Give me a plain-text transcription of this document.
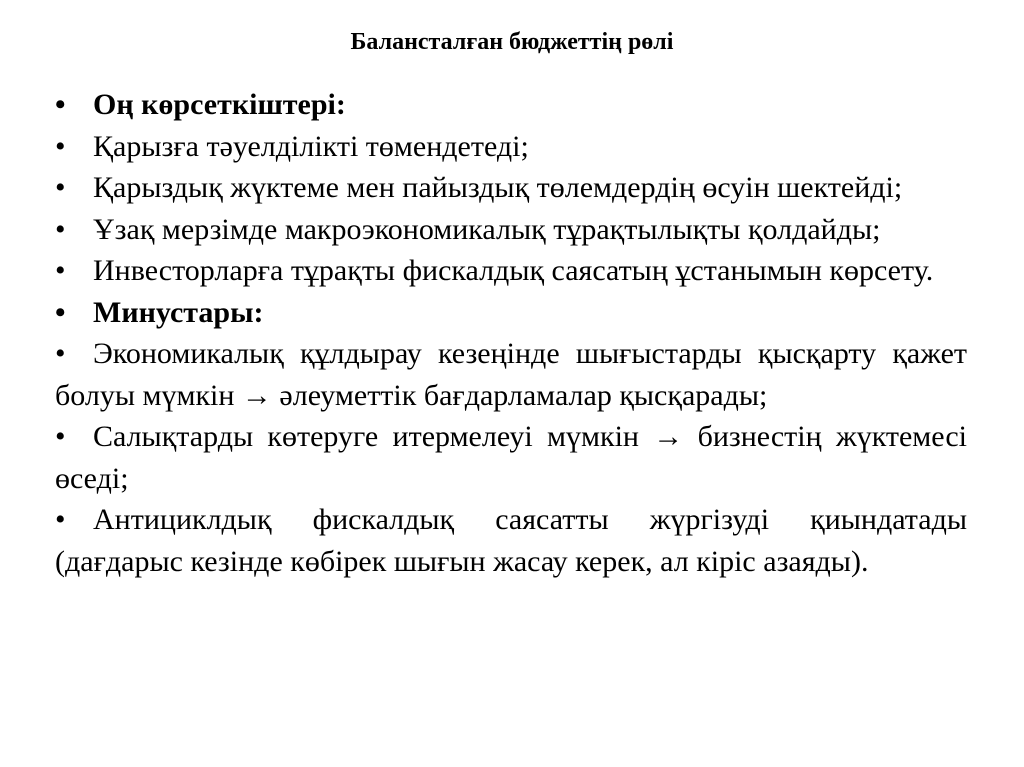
Балансталған бюджеттің рөлі
• Оң көрсеткіштері:
• Қарызға тәуелділікті төмендетеді;
• Қарыздық жүктеме мен пайыздық төлемдердің өсуін шектейді;
• Ұзақ мерзімде макроэкономикалық тұрақтылықты қолдайды;
• Инвесторларға тұрақты фискалдық саясатың ұстанымын көрсету.
• Минустары:
• Экономикалық құлдырау кезеңінде шығыстарды қысқарту қажет болуы мүмкін → әлеуметтік бағдарламалар қысқарады;
• Салықтарды көтеруге итермелеуі мүмкін → бизнестің жүктемесі өседі;
• Антициклдық фискалдық саясатты жүргізуді қиындатады (дағдарыс кезінде көбірек шығын жасау керек, ал кіріс азаяды).
